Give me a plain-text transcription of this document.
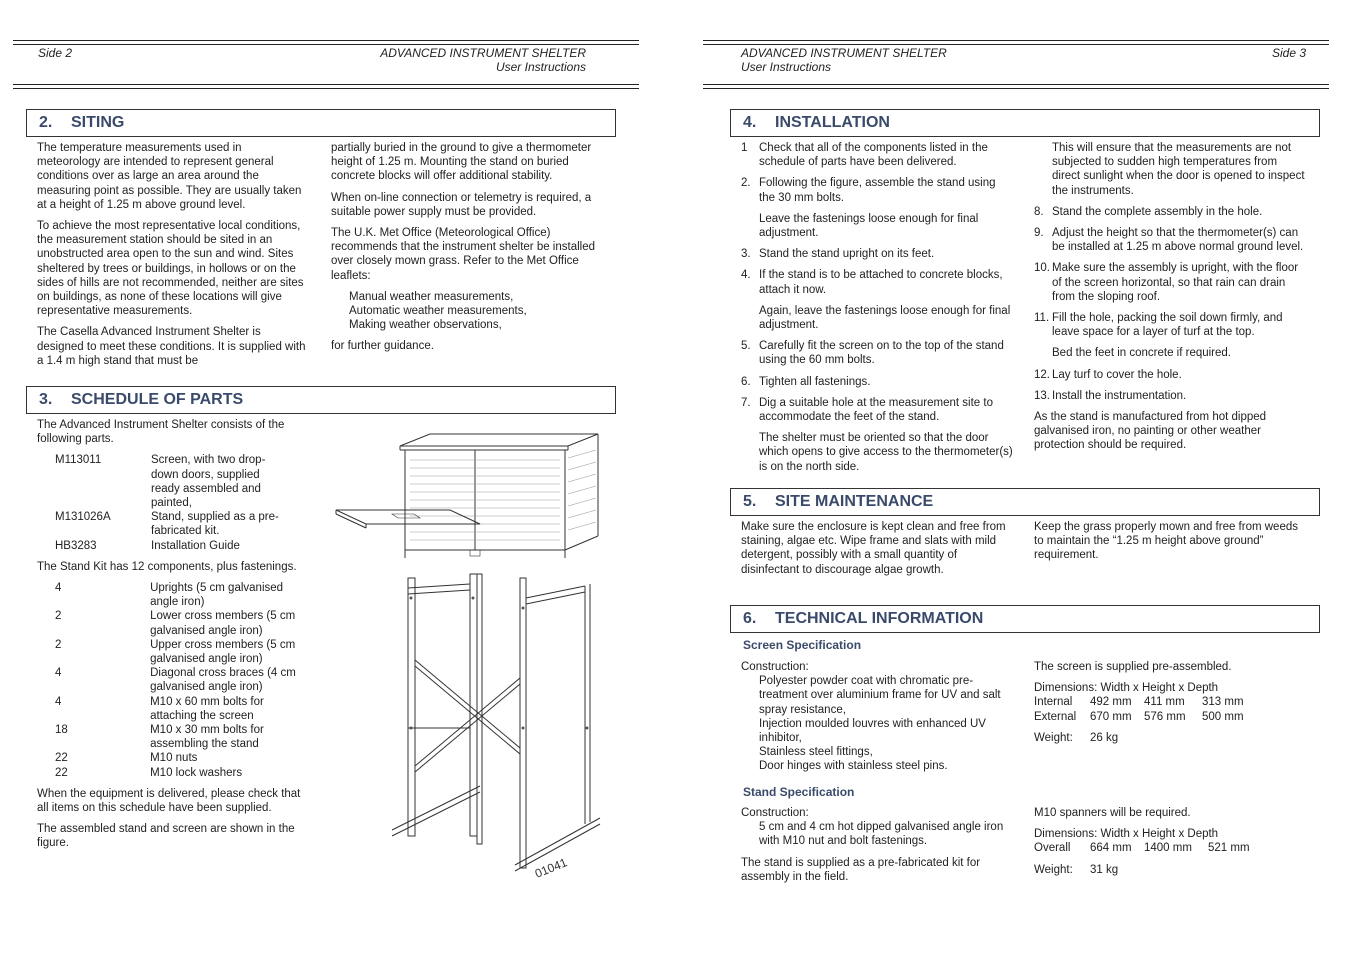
Side 2	ADVANCED INSTRUMENT SHELTER
User Instructions
2. SITING

The temperature measurements used in meteorology are intended to represent general conditions over as large an area around the measuring point as possible. They are usually taken at a height of 1.25 m above ground level.

To achieve the most representative local conditions, the measurement station should be sited in an unobstructed area open to the sun and wind. Sites sheltered by trees or buildings, in hollows or on the sides of hills are not recommended, neither are sites on buildings, as none of these locations will give representative measurements.

The Casella Advanced Instrument Shelter is designed to meet these conditions. It is supplied with a 1.4 m high stand that must be

partially buried in the ground to give a thermometer height of 1.25 m. Mounting the stand on buried concrete blocks will offer additional stability.

When on-line connection or telemetry is required, a suitable power supply must be provided.

The U.K. Met Office (Meteorological Office) recommends that the instrument shelter be installed over closely mown grass. Refer to the Met Office leaflets:

Manual weather measurements,
Automatic weather measurements,
Making weather observations,

for further guidance.

3. SCHEDULE OF PARTS

The Advanced Instrument Shelter consists of the following parts.

M113011	Screen, with two drop-down doors, supplied ready assembled and painted,
M131026A	Stand, supplied as a pre-fabricated kit.
HB3283	Installation Guide

The Stand Kit has 12 components, plus fastenings.

4	Uprights (5 cm galvanised angle iron)
2	Lower cross members (5 cm galvanised angle iron)
2	Upper cross members (5 cm galvanised angle iron)
4	Diagonal cross braces (4 cm galvanised angle iron)
4	M10 x 60 mm bolts for attaching the screen
18	M10 x 30 mm bolts for assembling the stand
22	M10 nuts
22	M10 lock washers

When the equipment is delivered, please check that all items on this schedule have been supplied.

The assembled stand and screen are shown in the figure.

01041
ADVANCED INSTRUMENT SHELTER
User Instructions
Side 3
4. INSTALLATION
1 Check that all of the components listed in the schedule of parts have been delivered.
2. Following the figure, assemble the stand using the 30 mm bolts.
Leave the fastenings loose enough for final adjustment.
3. Stand the stand upright on its feet.
4. If the stand is to be attached to concrete blocks, attach it now.
Again, leave the fastenings loose enough for final adjustment.
5. Carefully fit the screen on to the top of the stand using the 60 mm bolts.
6. Tighten all fastenings.
7. Dig a suitable hole at the measurement site to accommodate the feet of the stand.
The shelter must be oriented so that the door which opens to give access to the thermometer(s) is on the north side.
This will ensure that the measurements are not subjected to sudden high temperatures from direct sunlight when the door is opened to inspect the instruments.
8. Stand the complete assembly in the hole.
9. Adjust the height so that the thermometer(s) can be installed at 1.25 m above normal ground level.
10. Make sure the assembly is upright, with the floor of the screen horizontal, so that rain can drain from the sloping roof.
11. Fill the hole, packing the soil down firmly, and leave space for a layer of turf at the top.
Bed the feet in concrete if required.
12. Lay turf to cover the hole.
13. Install the instrumentation.

As the stand is manufactured from hot dipped galvanised iron, no painting or other weather protection should be required.

5. SITE MAINTENANCE
Make sure the enclosure is kept clean and free from staining, algae etc. Wipe frame and slats with mild detergent, possibly with a small quantity of disinfectant to discourage algae growth.
Keep the grass properly mown and free from weeds to maintain the “1.25 m height above ground” requirement.
6. TECHNICAL INFORMATION
Screen Specification
Construction:
Polyester powder coat with chromatic pre-treatment over aluminium frame for UV and salt spray resistance,
Injection moulded louvres with enhanced UV inhibitor,
Stainless steel fittings,
Door hinges with stainless steel pins.

The screen is supplied pre-assembled.

Dimensions: Width x Height x Depth
Internal 492 mm 411 mm 313 mm
External 670 mm 576 mm 500 mm
Weight: 26 kg
Stand Specification
Construction:
5 cm and 4 cm hot dipped galvanised angle iron with M10 nut and bolt fastenings.
The stand is supplied as a pre-fabricated kit for assembly in the field.

M10 spanners will be required.

Dimensions: Width x Height x Depth
Overall 664 mm 1400 mm 521 mm
Weight: 31 kg
